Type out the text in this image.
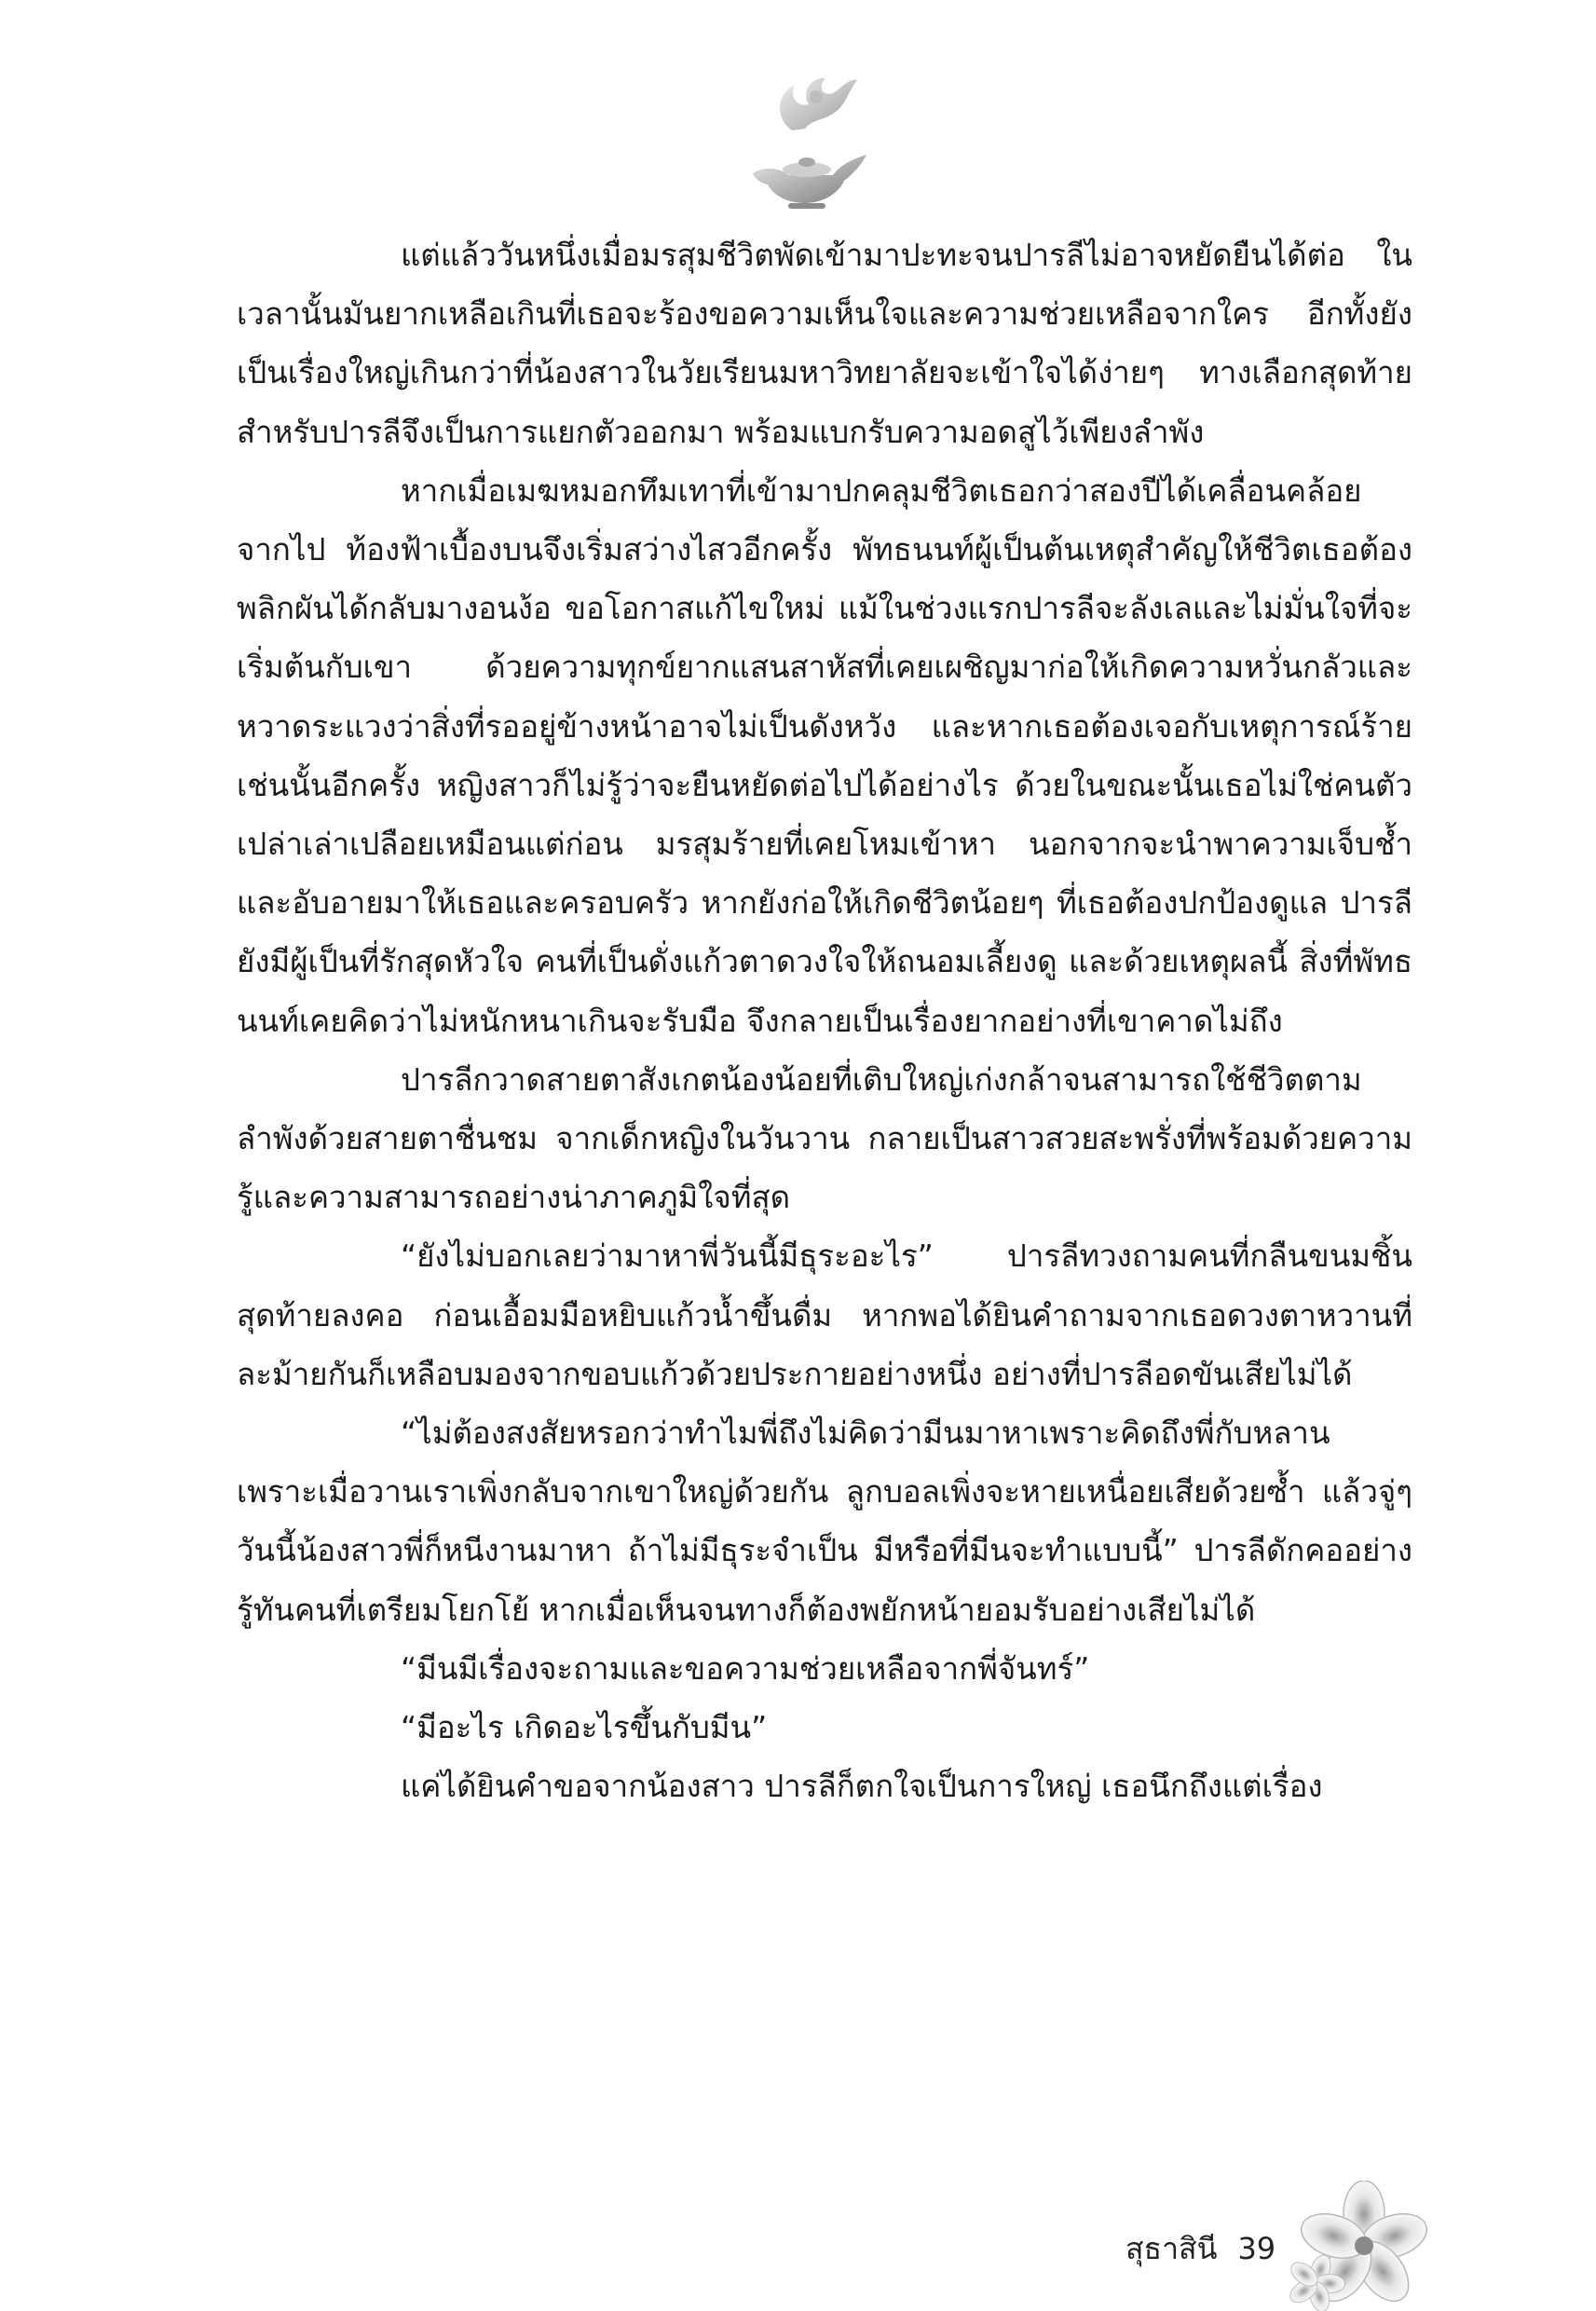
แต่แล้ววันหนึ่งเมื่อมรสุมชีวิตพัดเข้ามาปะทะจนปารลีไม่อาจหยัดยืนได้ต่อ ในเวลานั้นมันยากเหลือเกินที่เธอจะร้องขอความเห็นใจและความช่วยเหลือจากใคร อีกทั้งยังเป็นเรื่องใหญ่เกินกว่าที่น้องสาวในวัยเรียนมหาวิทยาลัยจะเข้าใจได้ง่ายๆ ทางเลือกสุดท้ายสำหรับปารลีจึงเป็นการแยกตัวออกมา พร้อมแบกรับความอดสูไว้เพียงลำพัง

หากเมื่อเมฆหมอกทึมเทาที่เข้ามาปกคลุมชีวิตเธอกว่าสองปีได้เคลื่อนคล้อยจากไป ท้องฟ้าเบื้องบนจึงเริ่มสว่างไสวอีกครั้ง พัทธนนท์ผู้เป็นต้นเหตุสำคัญให้ชีวิตเธอต้องพลิกผันได้กลับมางอนง้อ ขอโอกาสแก้ไขใหม่ แม้ในช่วงแรกปารลีจะลังเลและไม่มั่นใจที่จะเริ่มต้นกับเขา ด้วยความทุกข์ยากแสนสาหัสที่เคยเผชิญมาก่อให้เกิดความหวั่นกลัวและหวาดระแวงว่าสิ่งที่รออยู่ข้างหน้าอาจไม่เป็นดังหวัง และหากเธอต้องเจอกับเหตุการณ์ร้ายเช่นนั้นอีกครั้ง หญิงสาวก็ไม่รู้ว่าจะยืนหยัดต่อไปได้อย่างไร ด้วยในขณะนั้นเธอไม่ใช่คนตัวเปล่าเล่าเปลือยเหมือนแต่ก่อน มรสุมร้ายที่เคยโหมเข้าหา นอกจากจะนำพาความเจ็บช้ำและอับอายมาให้เธอและครอบครัว หากยังก่อให้เกิดชีวิตน้อยๆ ที่เธอต้องปกป้องดูแล ปารลียังมีผู้เป็นที่รักสุดหัวใจ คนที่เป็นดั่งแก้วตาดวงใจให้ถนอมเลี้ยงดู และด้วยเหตุผลนี้ สิ่งที่พัทธนนท์เคยคิดว่าไม่หนักหนาเกินจะรับมือ จึงกลายเป็นเรื่องยากอย่างที่เขาคาดไม่ถึง

ปารลีกวาดสายตาสังเกตน้องน้อยที่เติบใหญ่เก่งกล้าจนสามารถใช้ชีวิตตามลำพังด้วยสายตาชื่นชม จากเด็กหญิงในวันวาน กลายเป็นสาวสวยสะพรั่งที่พร้อมด้วยความรู้และความสามารถอย่างน่าภาคภูมิใจที่สุด

“ยังไม่บอกเลยว่ามาหาพี่วันนี้มีธุระอะไร” ปารลีทวงถามคนที่กลืนขนมชิ้นสุดท้ายลงคอ ก่อนเอื้อมมือหยิบแก้วน้ำขึ้นดื่ม หากพอได้ยินคำถามจากเธอดวงตาหวานที่ละม้ายกันก็เหลือบมองจากขอบแก้วด้วยประกายอย่างหนึ่ง อย่างที่ปารลีอดขันเสียไม่ได้

“ไม่ต้องสงสัยหรอกว่าทำไมพี่ถึงไม่คิดว่ามีนมาหาเพราะคิดถึงพี่กับหลาน เพราะเมื่อวานเราเพิ่งกลับจากเขาใหญ่ด้วยกัน ลูกบอลเพิ่งจะหายเหนื่อยเสียด้วยซ้ำ แล้วจู่ๆ วันนี้น้องสาวพี่ก็หนีงานมาหา ถ้าไม่มีธุระจำเป็น มีหรือที่มีนจะทำแบบนี้” ปารลีดักคออย่างรู้ทันคนที่เตรียมโยกโย้ หากเมื่อเห็นจนทางก็ต้องพยักหน้ายอมรับอย่างเสียไม่ได้

“มีนมีเรื่องจะถามและขอความช่วยเหลือจากพี่จันทร์”

“มีอะไร เกิดอะไรขึ้นกับมีน”

แค่ได้ยินคำขอจากน้องสาว ปารลีก็ตกใจเป็นการใหญ่ เธอนึกถึงแต่เรื่อง

สุธาสินี 39
